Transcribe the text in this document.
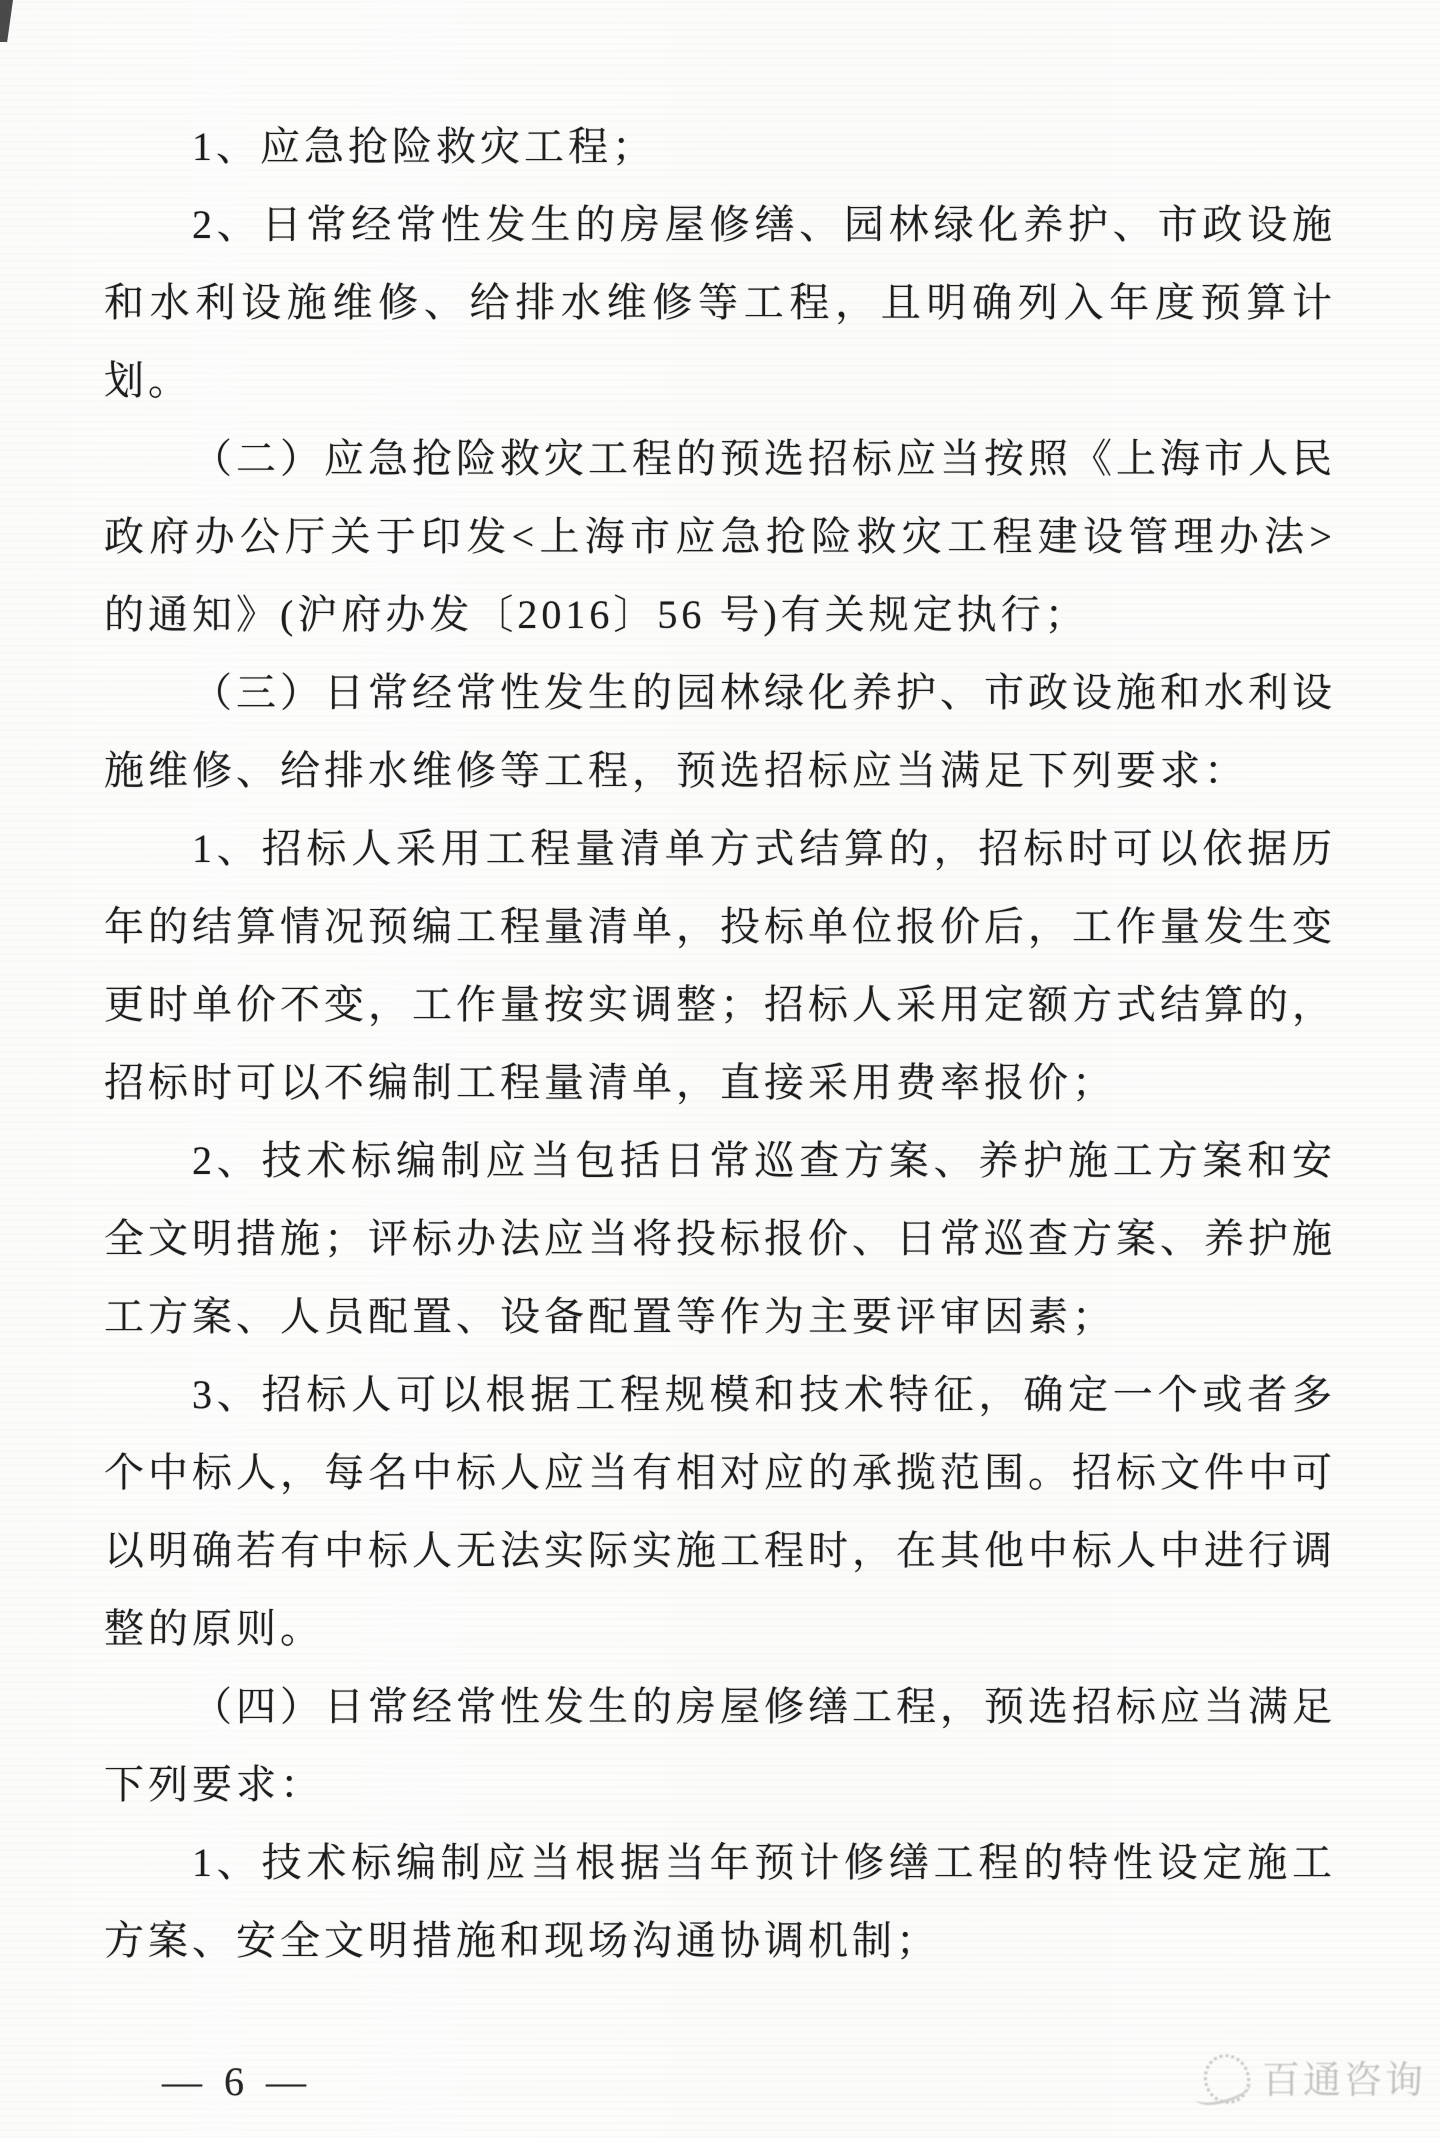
1、应急抢险救灾工程；

2、日常经常性发生的房屋修缮、园林绿化养护、市政设施和水利设施维修、给排水维修等工程，且明确列入年度预算计划。

（二）应急抢险救灾工程的预选招标应当按照《上海市人民政府办公厅关于印发<上海市应急抢险救灾工程建设管理办法>的通知》(沪府办发〔2016〕56 号)有关规定执行；

（三）日常经常性发生的园林绿化养护、市政设施和水利设施维修、给排水维修等工程，预选招标应当满足下列要求：

1、招标人采用工程量清单方式结算的，招标时可以依据历年的结算情况预编工程量清单，投标单位报价后，工作量发生变更时单价不变，工作量按实调整；招标人采用定额方式结算的，招标时可以不编制工程量清单，直接采用费率报价；

2、技术标编制应当包括日常巡查方案、养护施工方案和安全文明措施；评标办法应当将投标报价、日常巡查方案、养护施工方案、人员配置、设备配置等作为主要评审因素；

3、招标人可以根据工程规模和技术特征，确定一个或者多个中标人，每名中标人应当有相对应的承揽范围。招标文件中可以明确若有中标人无法实际实施工程时，在其他中标人中进行调整的原则。

（四）日常经常性发生的房屋修缮工程，预选招标应当满足下列要求：

1、技术标编制应当根据当年预计修缮工程的特性设定施工方案、安全文明措施和现场沟通协调机制；

— 6 —	百通咨询
